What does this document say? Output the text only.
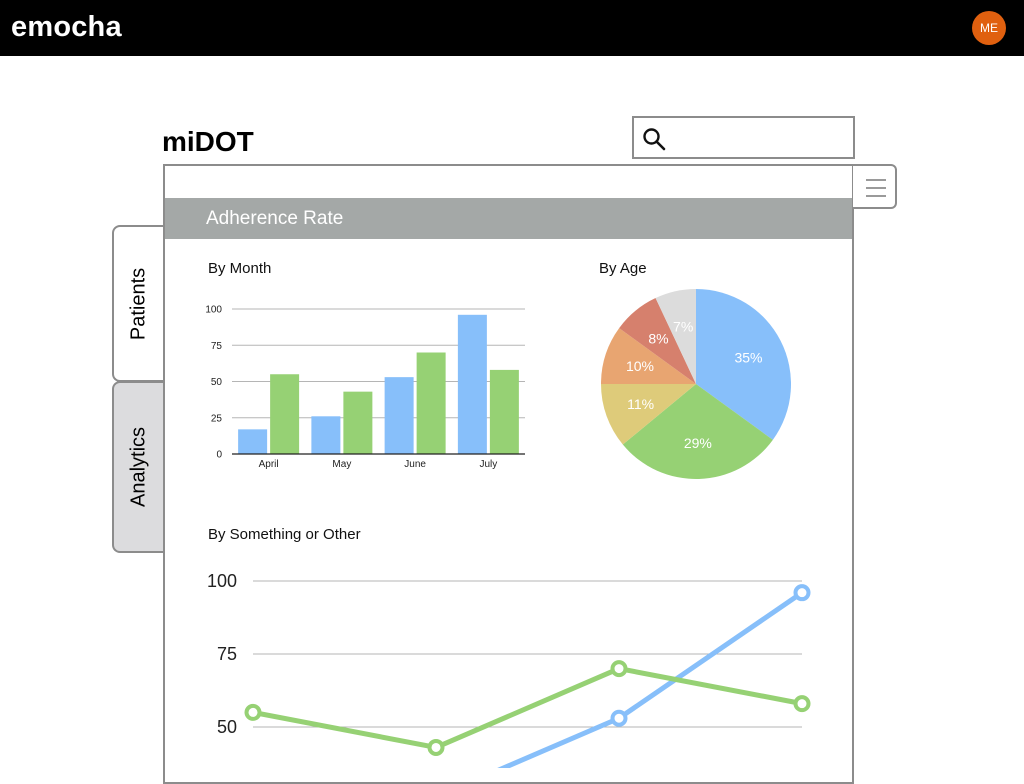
emocha	ME
miDOT
Patients
Analytics
Adherence Rate
By Month	By Age
By Something or Other
0
25
50
75
100
April	May	June	July
35%
29%
11%
10%
8%
7%
50
75
100
